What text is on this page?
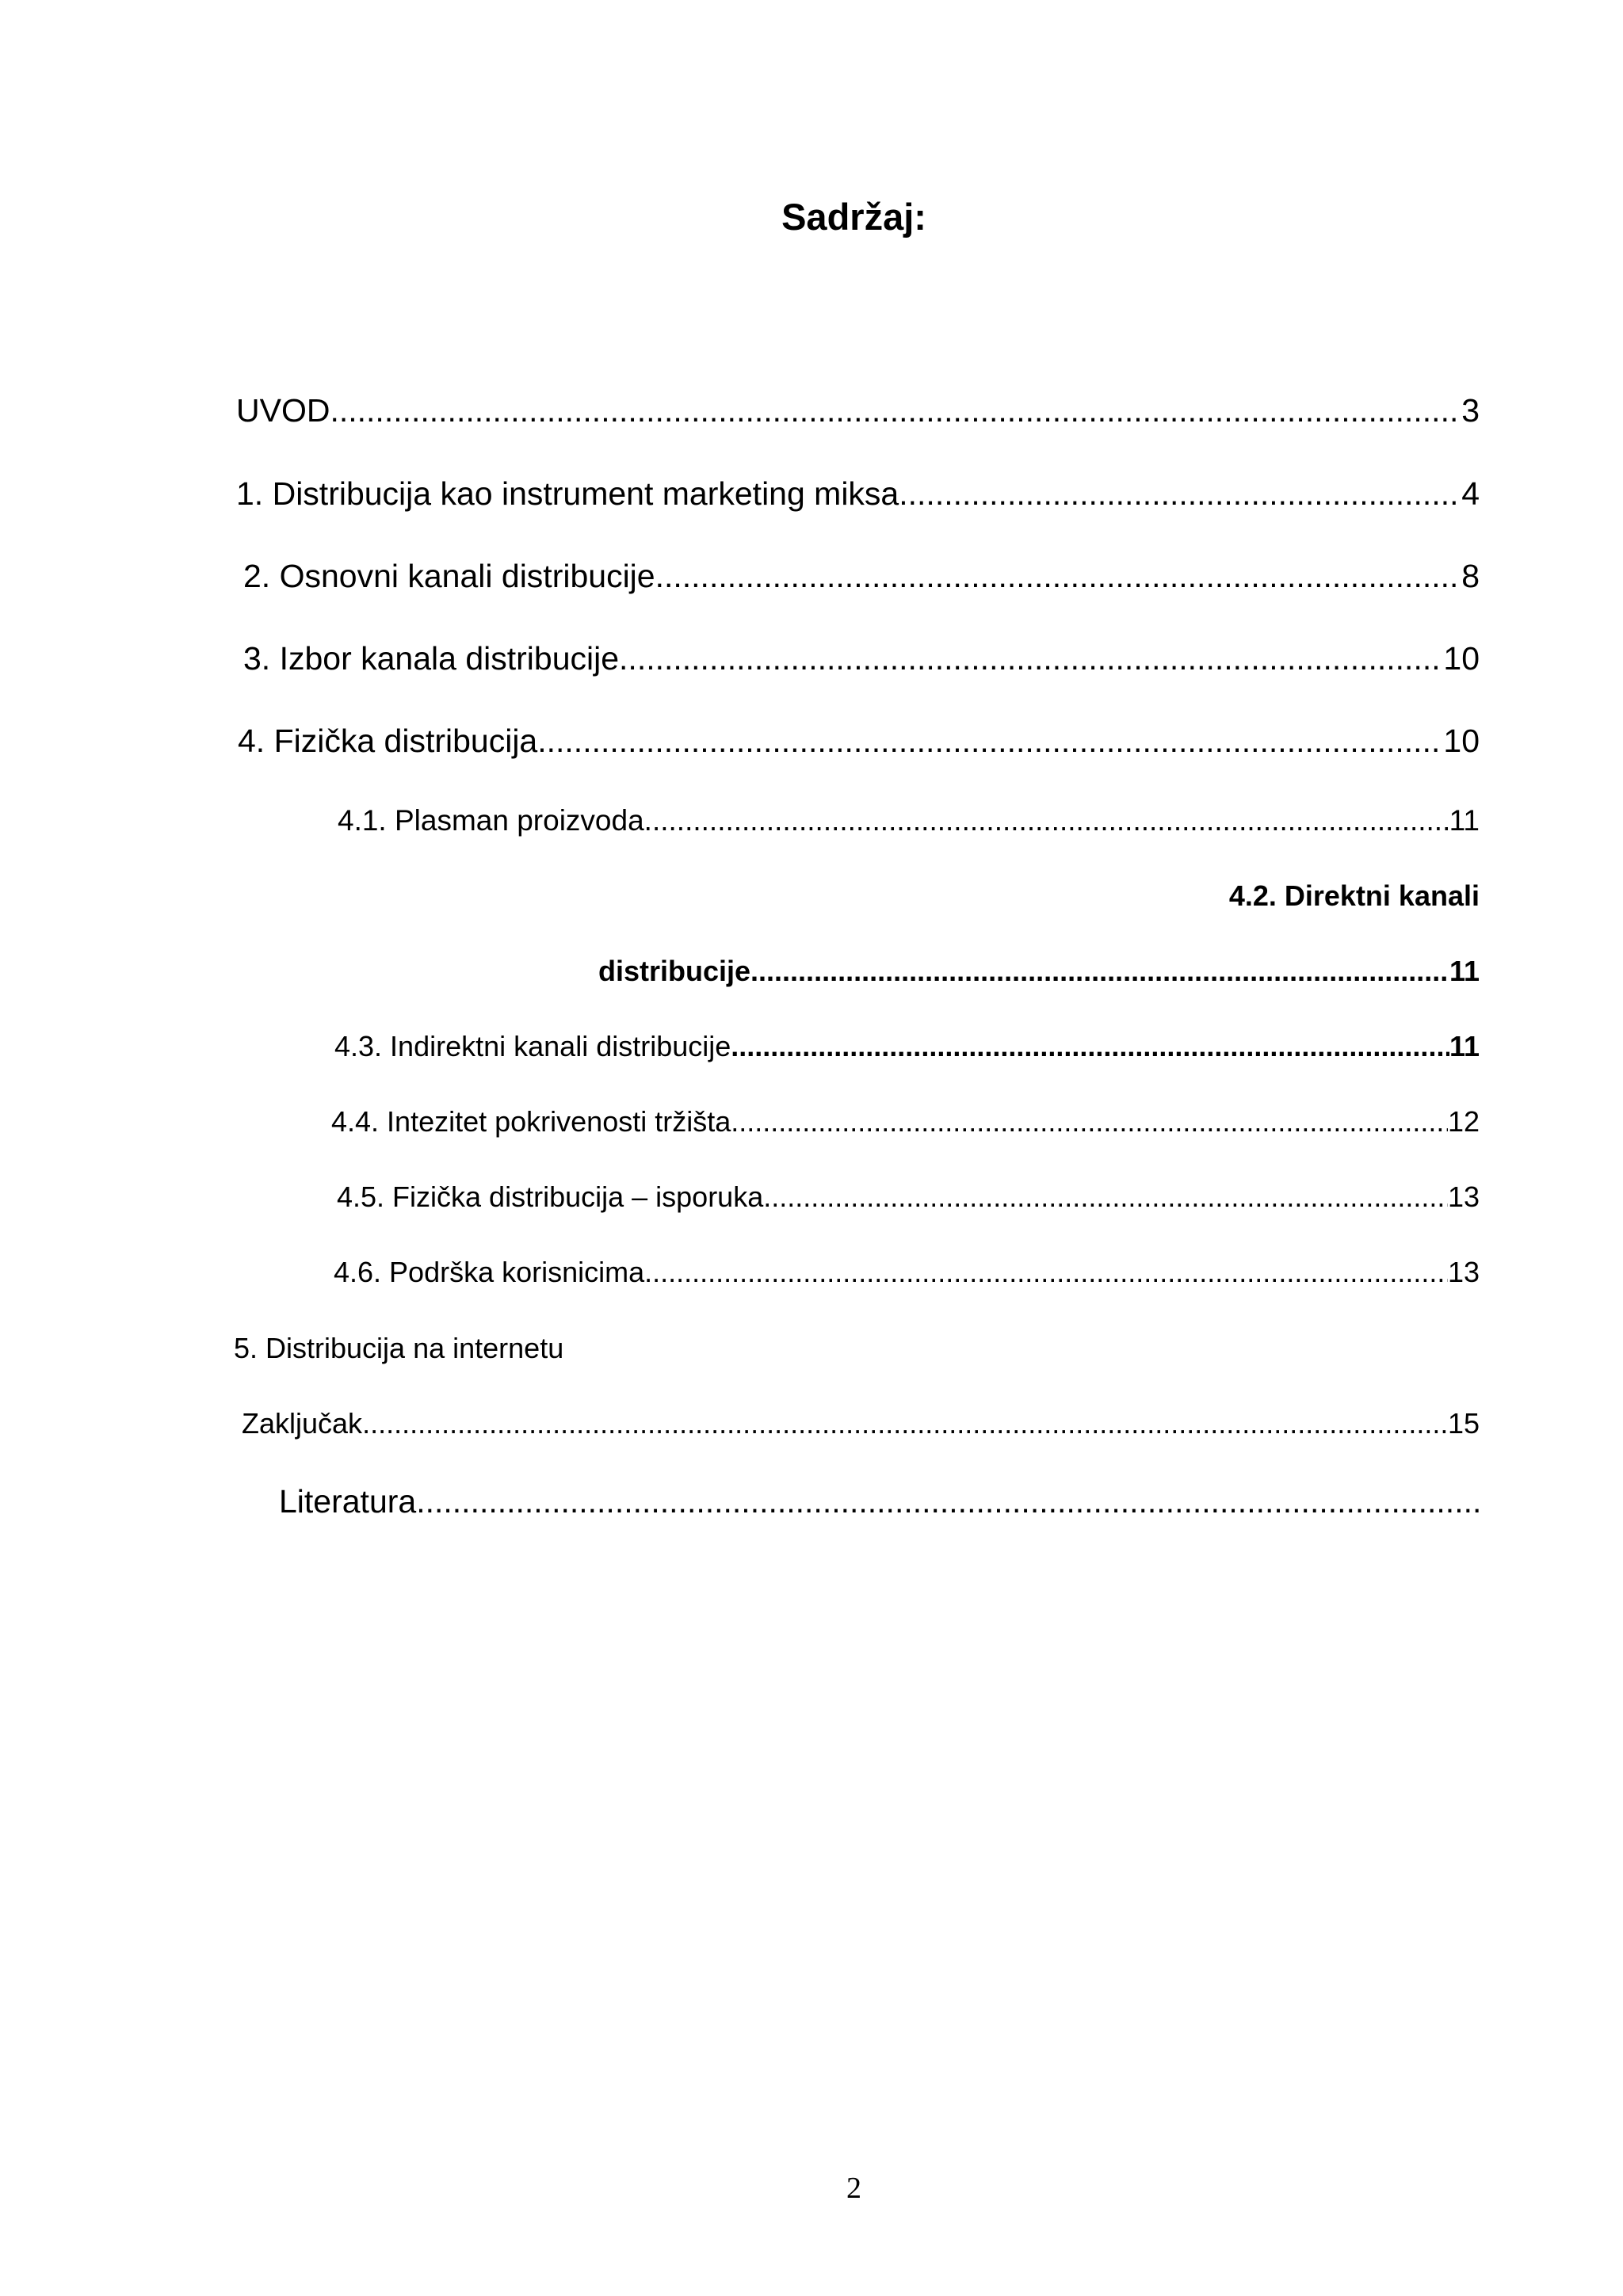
Sadržaj:
UVOD .....	3
1. Distribucija kao instrument marketing miksa .....	4
2. Osnovni kanali distribucije .....	8
3. Izbor kanala distribucije .....	10
4. Fizička distribucija .....	10
4.1. Plasman proizvoda .....	11
4.2. Direktni kanali
distribucije .....	11
4.3. Indirektni kanali distribucije .....	11
4.4. Intezitet pokrivenosti tržišta .....	12
4.5. Fizička distribucija – isporuka .....	13
4.6. Podrška korisnicima .....	13
5. Distribucija na internetu
Zaključak .....	15
Literatura
.....
2
